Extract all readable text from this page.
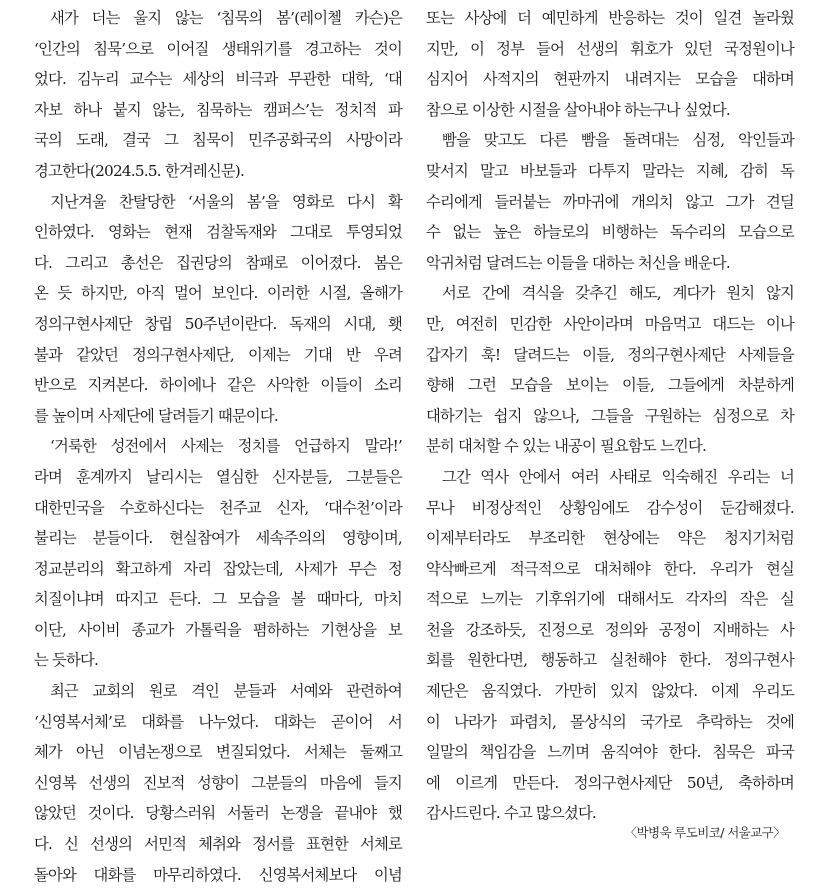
새가 더는 울지 않는 ‘침묵의 봄’(레이첼 카슨)은
‘인간의 침묵’으로 이어질 생태위기를 경고하는 것이
었다. 김누리 교수는 세상의 비극과 무관한 대학, ‘대
자보 하나 붙지 않는, 침묵하는 캠퍼스’는 정치적 파
국의 도래, 결국 그 침묵이 민주공화국의 사망이라
경고한다(2024.5.5. 한겨레신문).
지난겨울 찬탈당한 ‘서울의 봄’을 영화로 다시 확
인하였다. 영화는 현재 검찰독재와 그대로 투영되었
다. 그리고 총선은 집권당의 참패로 이어졌다. 봄은
온 듯 하지만, 아직 멀어 보인다. 이러한 시절, 올해가
정의구현사제단 창립 50주년이란다. 독재의 시대, 횃
불과 같았던 정의구현사제단, 이제는 기대 반 우려
반으로 지켜본다. 하이에나 같은 사악한 이들이 소리
를 높이며 사제단에 달려들기 때문이다.
‘거룩한 성전에서 사제는 정치를 언급하지 말라!’
라며 훈계까지 날리시는 열심한 신자분들, 그분들은
대한민국을 수호하신다는 천주교 신자, ‘대수천’이라
불리는 분들이다. 현실참여가 세속주의의 영향이며,
정교분리의 확고하게 자리 잡았는데, 사제가 무슨 정
치질이냐며 따지고 든다. 그 모습을 볼 때마다, 마치
이단, 사이비 종교가 가톨릭을 폄하하는 기현상을 보
는 듯하다.
최근 교회의 원로 격인 분들과 서예와 관련하여
‘신영복서체’로 대화를 나누었다. 대화는 곧이어 서
체가 아닌 이념논쟁으로 변질되었다. 서체는 둘째고
신영복 선생의 진보적 성향이 그분들의 마음에 들지
않았던 것이다. 당황스러워 서둘러 논쟁을 끝내야 했
다. 신 선생의 서민적 체취와 정서를 표현한 서체로
돌아와 대화를 마무리하였다. 신영복서체보다 이념
또는 사상에 더 예민하게 반응하는 것이 일견 놀라웠
지만, 이 정부 들어 선생의 휘호가 있던 국정원이나
심지어 사적지의 현판까지 내려지는 모습을 대하며
참으로 이상한 시절을 살아내야 하는구나 싶었다.
빰을 맞고도 다른 빰을 돌려대는 심정, 악인들과
맞서지 말고 바보들과 다투지 말라는 지혜, 감히 독
수리에게 들러붙는 까마귀에 개의치 않고 그가 견딜
수 없는 높은 하늘로의 비행하는 독수리의 모습으로
악귀처럼 달려드는 이들을 대하는 처신을 배운다.
서로 간에 격식을 갖추긴 해도, 계다가 원치 않지
만, 여전히 민감한 사안이라며 마음먹고 대드는 이나
갑자기 훅! 달려드는 이들, 정의구현사제단 사제들을
향해 그런 모습을 보이는 이들, 그들에게 차분하게
대하기는 쉽지 않으나, 그들을 구원하는 심정으로 차
분히 대처할 수 있는 내공이 필요함도 느낀다.
그간 역사 안에서 여러 사태로 익숙해진 우리는 너
무나 비정상적인 상황임에도 감수성이 둔감해졌다.
이제부터라도 부조리한 현상에는 약은 청지기처럼
약삭빠르게 적극적으로 대처해야 한다. 우리가 현실
적으로 느끼는 기후위기에 대해서도 각자의 작은 실
천을 강조하듯, 진정으로 정의와 공정이 지배하는 사
회를 원한다면, 행동하고 실천해야 한다. 정의구현사
제단은 움직였다. 가만히 있지 않았다. 이제 우리도
이 나라가 파렴치, 몰상식의 국가로 추락하는 것에
일말의 책임감을 느끼며 움직여야 한다. 침묵은 파국
에 이르게 만든다. 정의구현사제단 50년, 축하하며
감사드린다. 수고 많으셨다.
〈박병욱 루도비코/ 서울교구〉
